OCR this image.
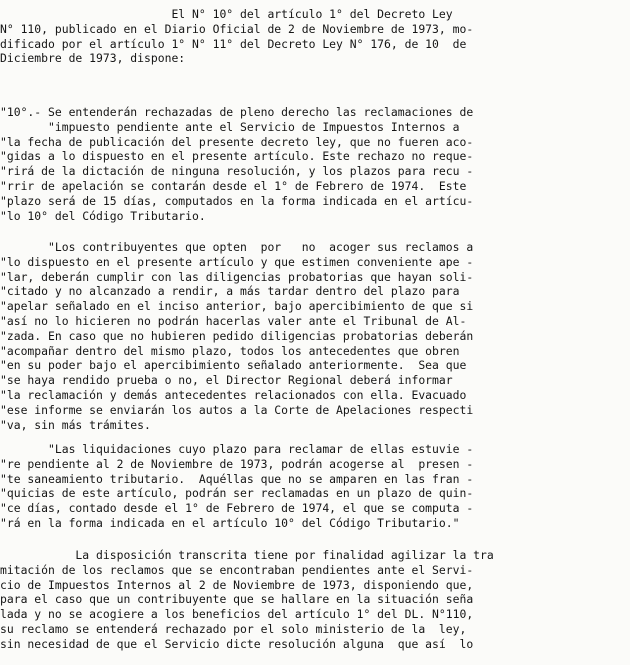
El N° 10° del artículo 1° del Decreto Ley
N° 110, publicado en el Diario Oficial de 2 de Noviembre de 1973, mo-
dificado por el artículo 1° N° 11° del Decreto Ley N° 176, de 10  de
Diciembre de 1973, dispone:
"10°.- Se entenderán rechazadas de pleno derecho las reclamaciones de
"impuesto pendiente ante el Servicio de Impuestos Internos a
"la fecha de publicación del presente decreto ley, que no fueren aco-
"gidas a lo dispuesto en el presente artículo. Este rechazo no reque-
"rirá de la dictación de ninguna resolución, y los plazos para recu -
"rrir de apelación se contarán desde el 1° de Febrero de 1974.  Este
"plazo será de 15 días, computados en la forma indicada en el artícu-
"lo 10° del Código Tributario.
"Los contribuyentes que opten  por   no  acoger sus reclamos a
"lo dispuesto en el presente artículo y que estimen conveniente ape -
"lar, deberán cumplir con las diligencias probatorias que hayan soli-
"citado y no alcanzado a rendir, a más tardar dentro del plazo para
"apelar señalado en el inciso anterior, bajo apercibimiento de que si
"así no lo hicieren no podrán hacerlas valer ante el Tribunal de Al-
"zada. En caso que no hubieren pedido diligencias probatorias deberán
"acompañar dentro del mismo plazo, todos los antecedentes que obren
"en su poder bajo el apercibimiento señalado anteriormente.  Sea que
"se haya rendido prueba o no, el Director Regional deberá informar
"la reclamación y demás antecedentes relacionados con ella. Evacuado
"ese informe se enviarán los autos a la Corte de Apelaciones respecti
"va, sin más trámites.
"Las liquidaciones cuyo plazo para reclamar de ellas estuvie -
"re pendiente al 2 de Noviembre de 1973, podrán acogerse al  presen -
"te saneamiento tributario.  Aquéllas que no se amparen en las fran -
"quicias de este artículo, podrán ser reclamadas en un plazo de quin-
"ce días, contado desde el 1° de Febrero de 1974, el que se computa -
"rá en la forma indicada en el artículo 10° del Código Tributario."
La disposición transcrita tiene por finalidad agilizar la tra
mitación de los reclamos que se encontraban pendientes ante el Servi-
cio de Impuestos Internos al 2 de Noviembre de 1973, disponiendo que,
para el caso que un contribuyente que se hallare en la situación seña
lada y no se acogiere a los beneficios del artículo 1° del DL. N°110,
su reclamo se entenderá rechazado por el solo ministerio de la  ley,
sin necesidad de que el Servicio dicte resolución alguna  que así  lo
